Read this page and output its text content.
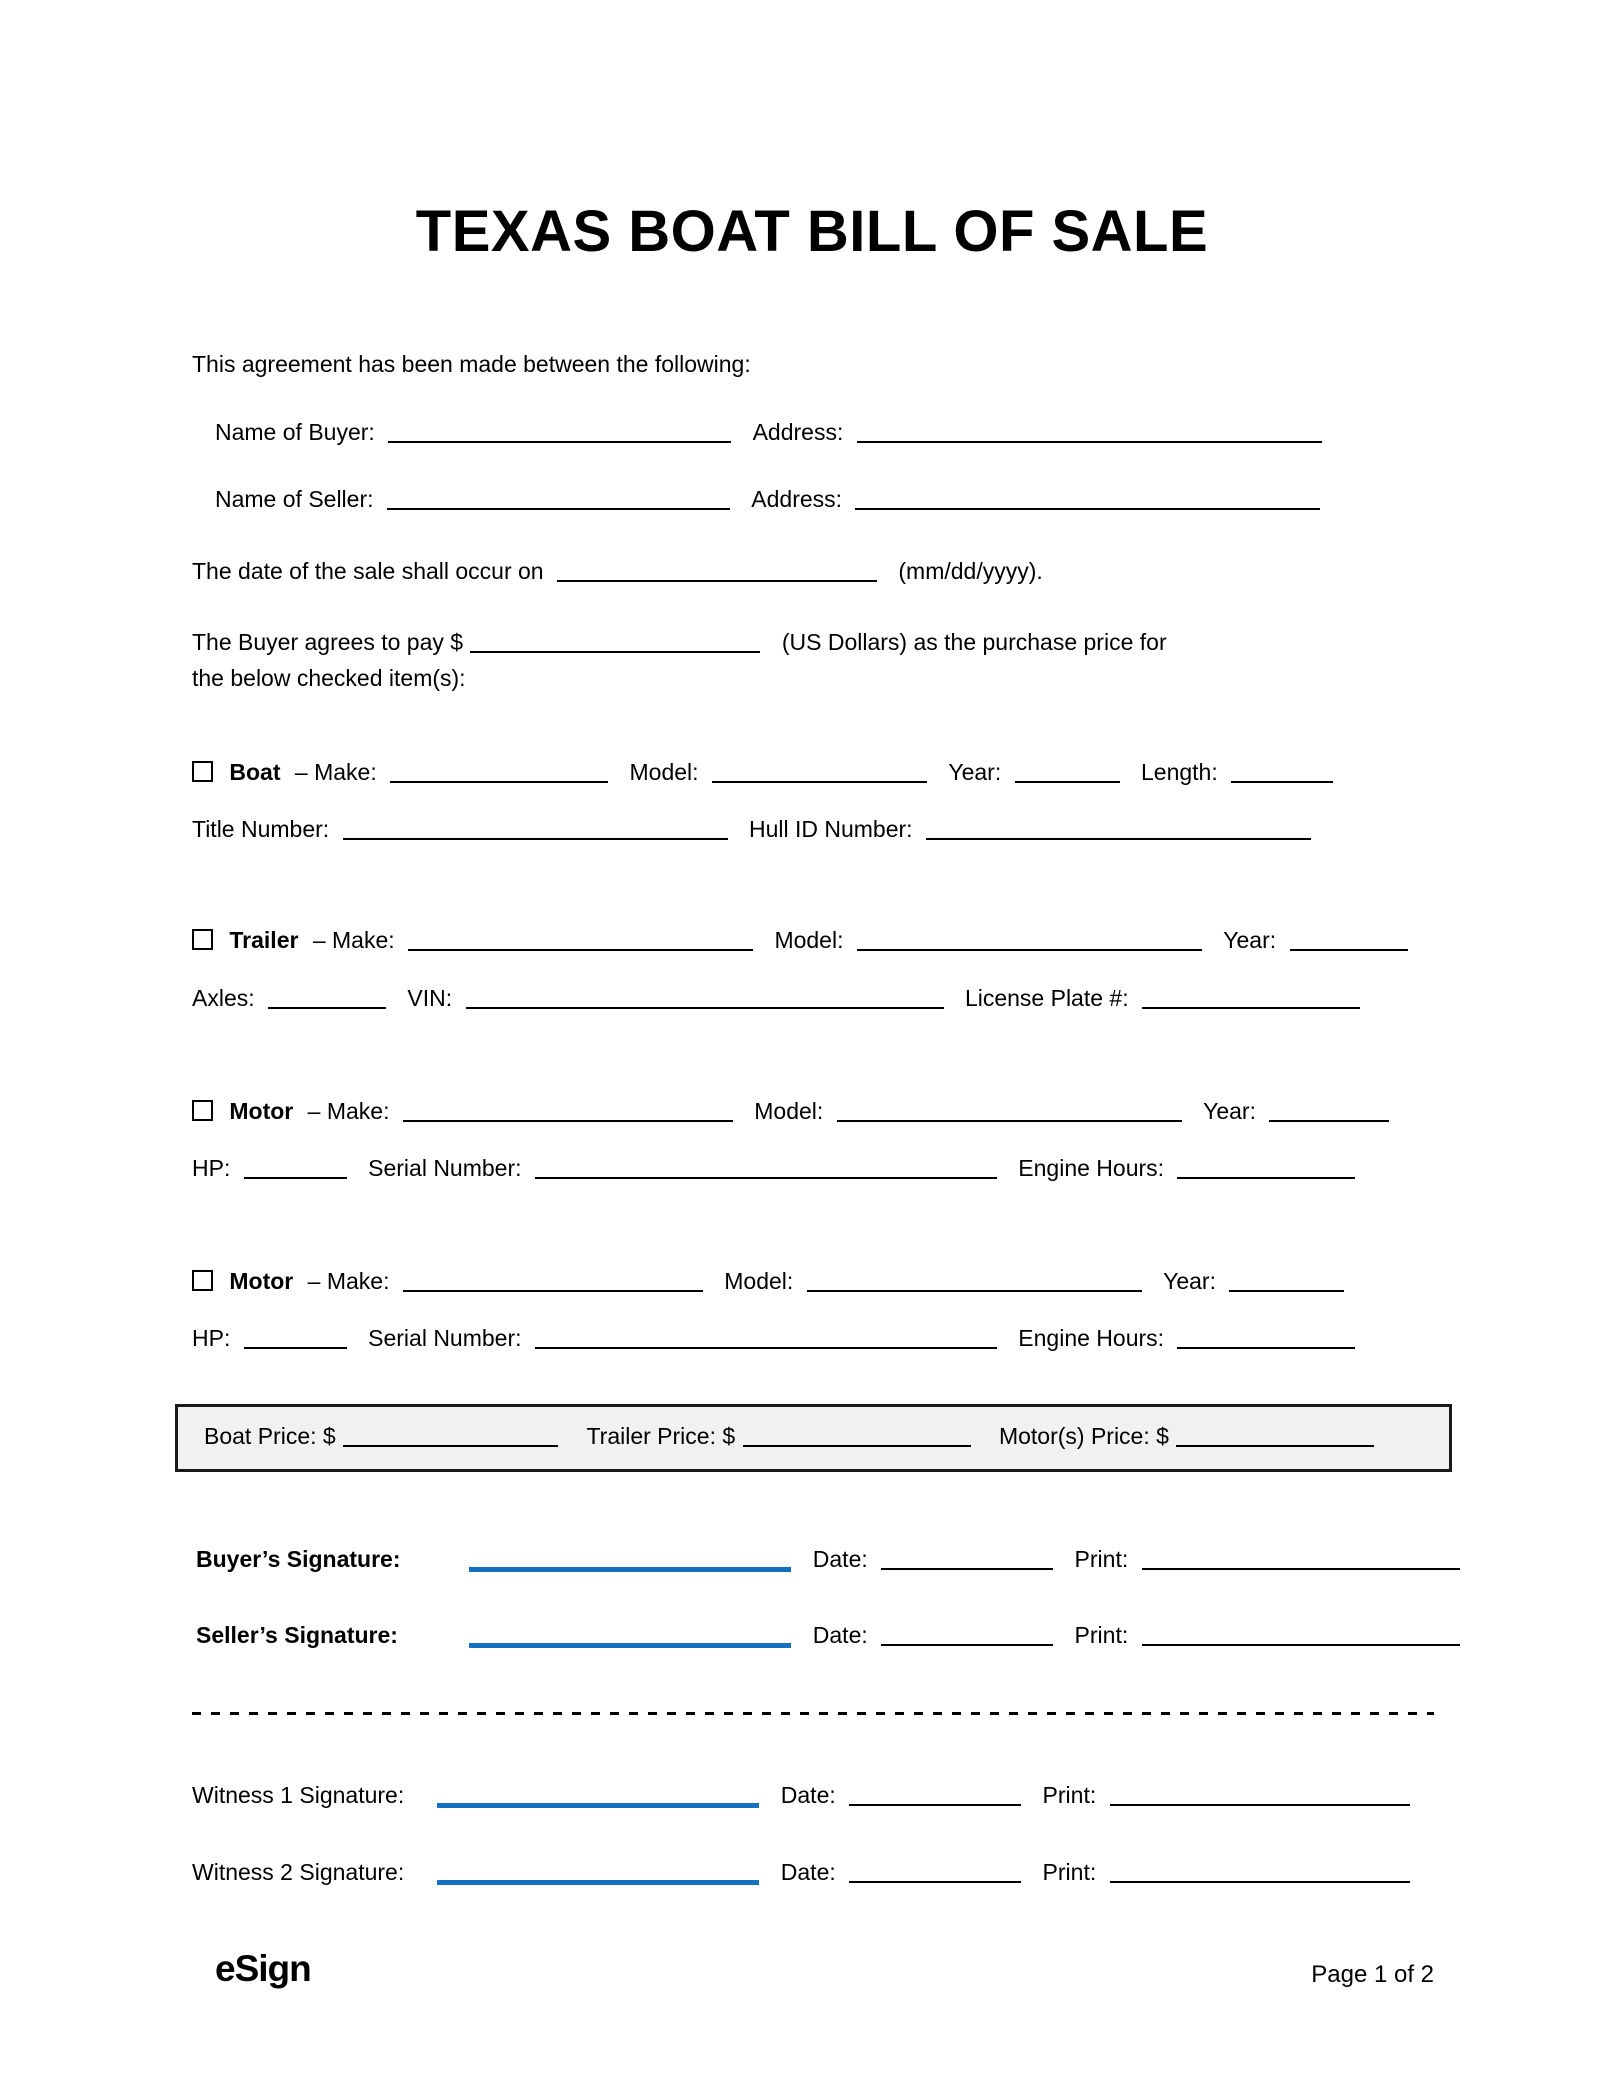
TEXAS BOAT BILL OF SALE
This agreement has been made between the following:
Name of Buyer:	Address:
Name of Seller:	Address:
The date of the sale shall occur on	(mm/dd/yyyy).
The Buyer agrees to pay $	(US Dollars) as the purchase price for
the below checked item(s):
Boat – Make:	Model:	Year:	Length:
Title Number:	Hull ID Number:
Trailer – Make:	Model:	Year:
Axles:	VIN:	License Plate #:
Motor – Make:	Model:	Year:
HP:	Serial Number:	Engine Hours:
Motor – Make:	Model:	Year:
HP:	Serial Number:	Engine Hours:
Boat Price: $	Trailer Price: $	Motor(s) Price: $
Buyer’s Signature:	Date:	Print:
Seller’s Signature:	Date:	Print:
Witness 1 Signature:	Date:	Print:
Witness 2 Signature:	Date:	Print:
eSign	Page 1 of 2
